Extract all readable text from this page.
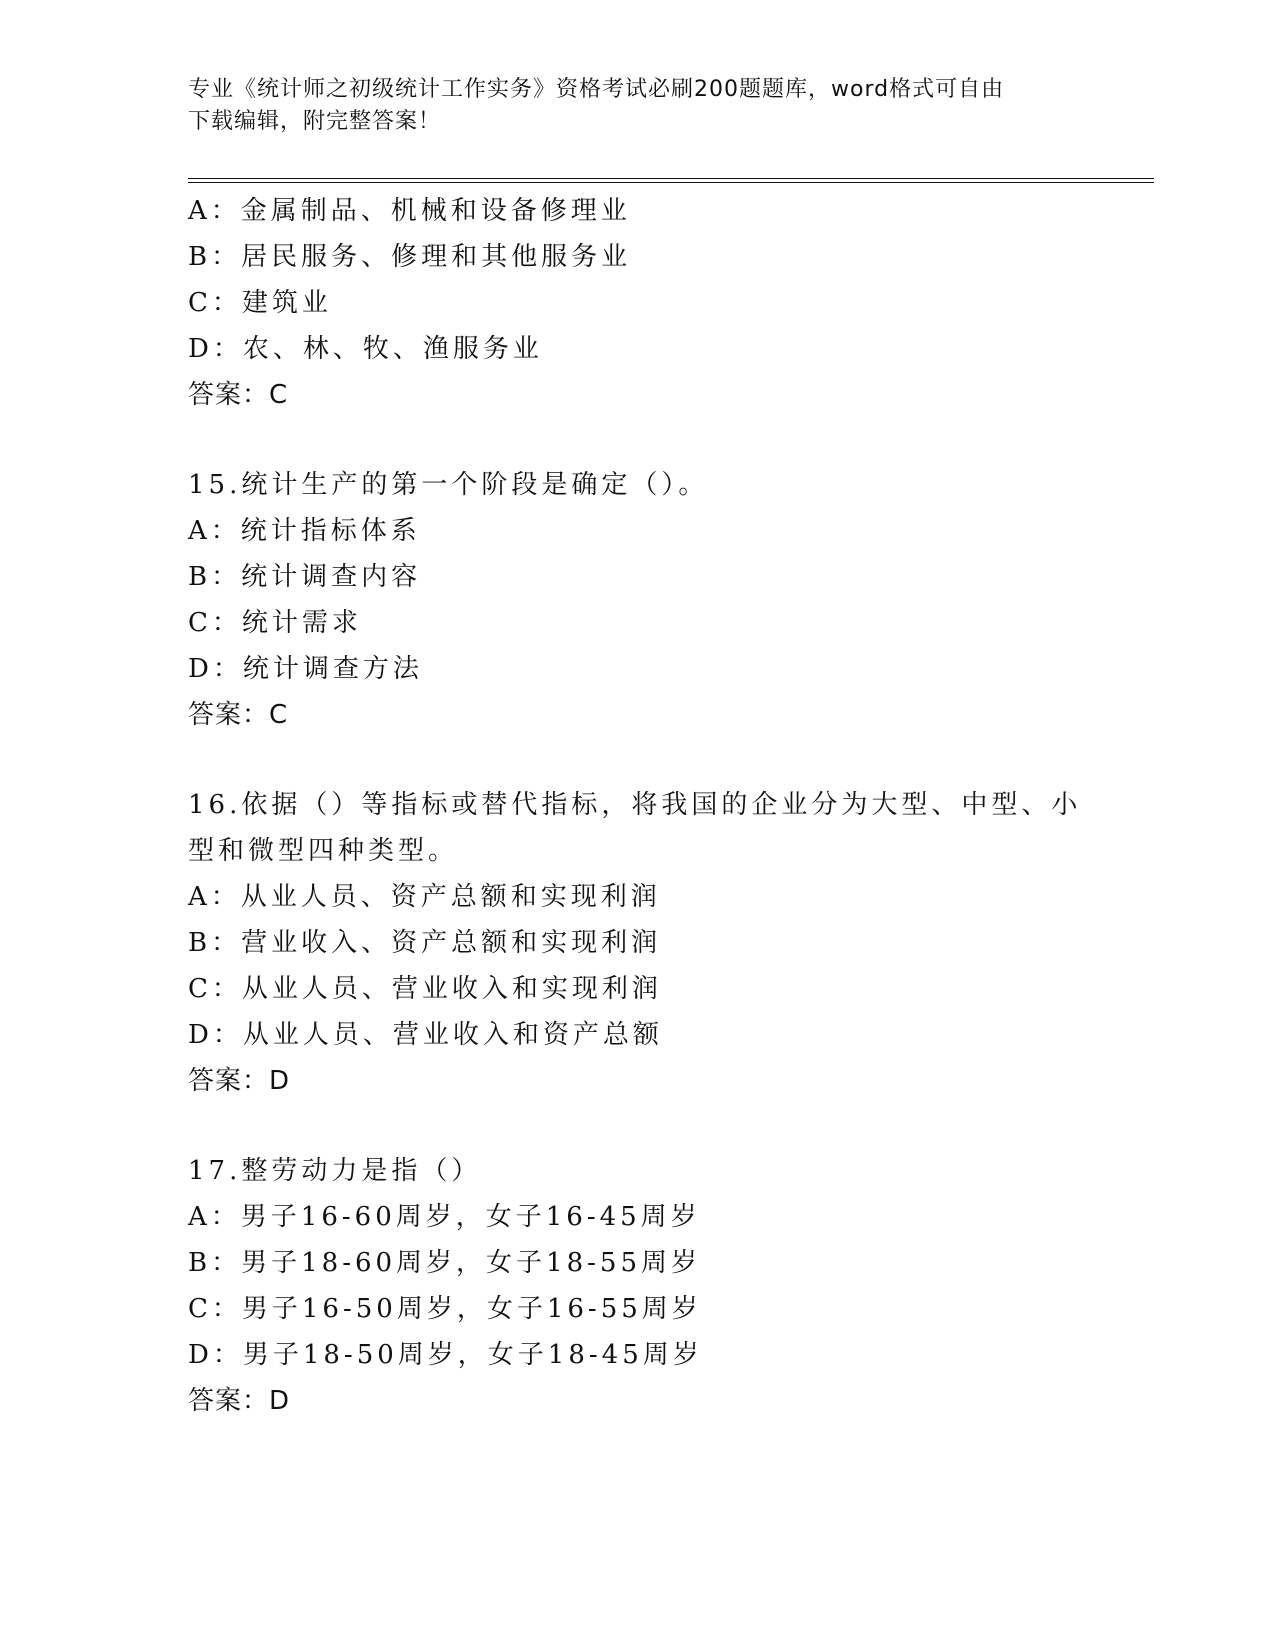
专业《统计师之初级统计工作实务》资格考试必刷200题题库，word格式可自由
下载编辑，附完整答案！
A：金属制品、机械和设备修理业
B：居民服务、修理和其他服务业
C：建筑业
D：农、林、牧、渔服务业
答案：C
15.统计生产的第一个阶段是确定（）。
A：统计指标体系
B：统计调查内容
C：统计需求
D：统计调查方法
答案：C
16.依据（）等指标或替代指标，将我国的企业分为大型、中型、小型和微型四种类型。
A：从业人员、资产总额和实现利润
B：营业收入、资产总额和实现利润
C：从业人员、营业收入和实现利润
D：从业人员、营业收入和资产总额
答案：D
17.整劳动力是指（）
A：男子16-60周岁，女子16-45周岁
B：男子18-60周岁，女子18-55周岁
C：男子16-50周岁，女子16-55周岁
D：男子18-50周岁，女子18-45周岁
答案：D
